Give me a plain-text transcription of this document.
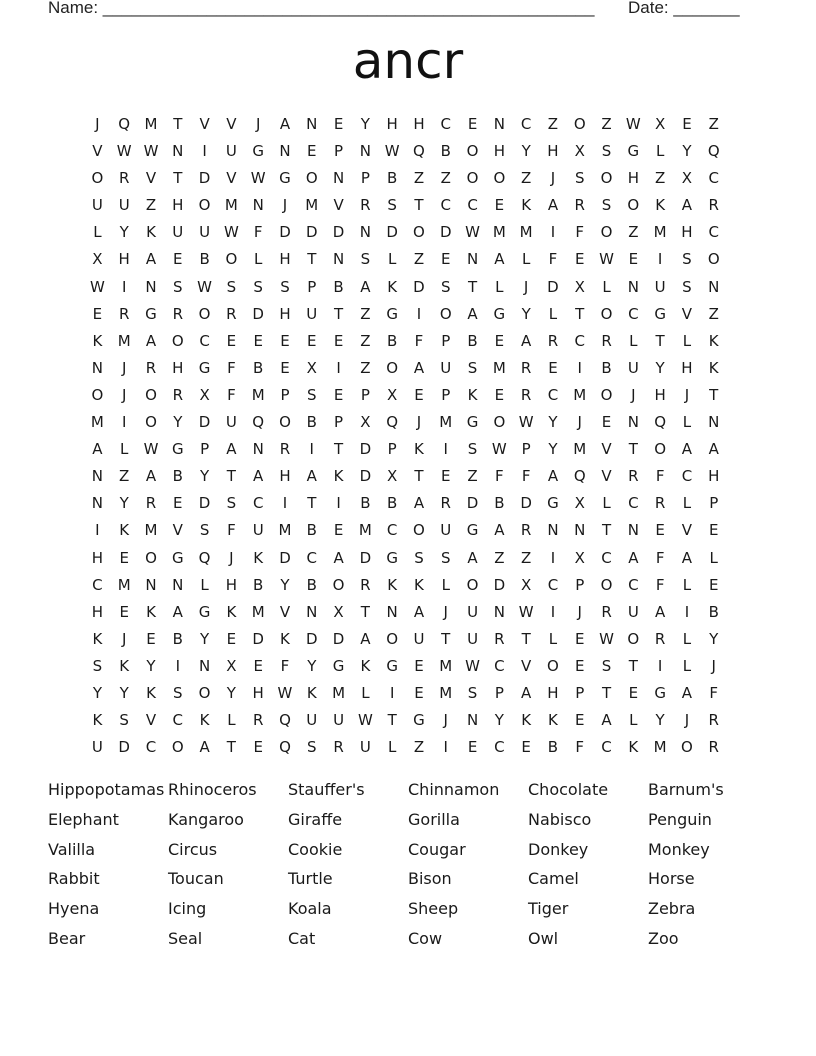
Name: ____________________________________________________ Date: _______
ancr
J	Q M	T	V	V	J	A	N	E	Y	H	H	C	E	N	C	Z	O	Z W X	E	Z
V W W N	I	U	G	N	E	P	N W Q	B	O	H	Y	H	X	S	G	L	Y	Q
O	R	V	T	D	V W G	O	N	P	B	Z	Z	O O	Z	J	S	O	H	Z	X	C
U	U	Z	H	O M N	J	M	V	R	S	T	C	C	E	K	A	R	S	O	K	A	R
L	Y	K	U	U W	F	D	D	D	N	D	O	D W M M	I	F	O	Z	M H	C
X	H	A	E	B	O	L	H	T	N	S	L	Z	E	N	A	L	F	E W E	I	S	O
W	I	N	S W S	S	S	P	B	A	K	D	S	T	L	J	D	X	L	N	U	S	N
E	R	G	R	O	R	D	H	U	T	Z	G	I	O	A	G	Y	L	T	O	C	G	V	Z
K	M	A	O	C	E	E	E	E	E	Z	B	F	P	B	E	A	R	C	R	L	T	L	K
N	J	R	H	G	F	B	E	X	I	Z	O	A	U	S	M	R	E	I	B	U	Y	H	K
O	J	O	R	X	F	M	P	S	E	P	X	E	P	K	E	R	C	M O	J	H	J	T
M	I	O	Y	D	U	Q O	B	P	X	Q	J	M G	O W Y	J	E	N	Q	L	N
A	L	W G	P	A	N	R	I	T	D	P	K	I	S W P	Y	M	V	T	O	A	A
N	Z	A	B	Y	T	A	H	A	K	D	X	T	E	Z	F	F	A	Q	V	R	F	C	H
N	Y	R	E	D	S	C	I	T	I	B	B	A	R	D	B	D	G	X	L	C	R	L	P
I	K	M	V	S	F	U M	B	E	M	C	O	U	G	A	R	N	N	T	N	E	V	E
H	E	O	G	Q	J	K	D	C	A	D	G	S	S	A	Z	Z	I	X	C	A	F	A	L
C	M N	N	L	H	B	Y	B	O	R	K	K	L	O	D	X	C	P	O	C	F	L	E
H	E	K	A	G	K	M	V	N	X	T	N	A	J	U	N W	I	J	R	U	A	I	B
K	J	E	B	Y	E	D	K	D	D	A	O	U	T	U	R	T	L	E W O	R	L	Y
S	K	Y	I	N	X	E	F	Y	G	K	G	E	M W C	V	O	E	S	T	I	L	J
Y	Y	K	S	O	Y	H W K	M	L	I	E	M	S	P	A	H	P	T	E	G	A	F
K	S	V	C	K	L	R	Q	U	U W T	G	J	N	Y	K	K	E	A	L	Y	J	R
U	D	C	O	A	T	E	Q	S	R	U	L	Z	I	E	C	E	B	F	C	K	M O	R
Hippopotamas Rhinoceros	Stauffer's	Chinnamon	Chocolate	Barnum's
Elephant	Kangaroo	Giraffe	Gorilla	Nabisco	Penguin
Valilla	Circus	Cookie	Cougar	Donkey	Monkey
Rabbit	Toucan	Turtle	Bison	Camel	Horse
Hyena	Icing	Koala	Sheep	Tiger	Zebra
Bear	Seal	Cat	Cow	Owl	Zoo
